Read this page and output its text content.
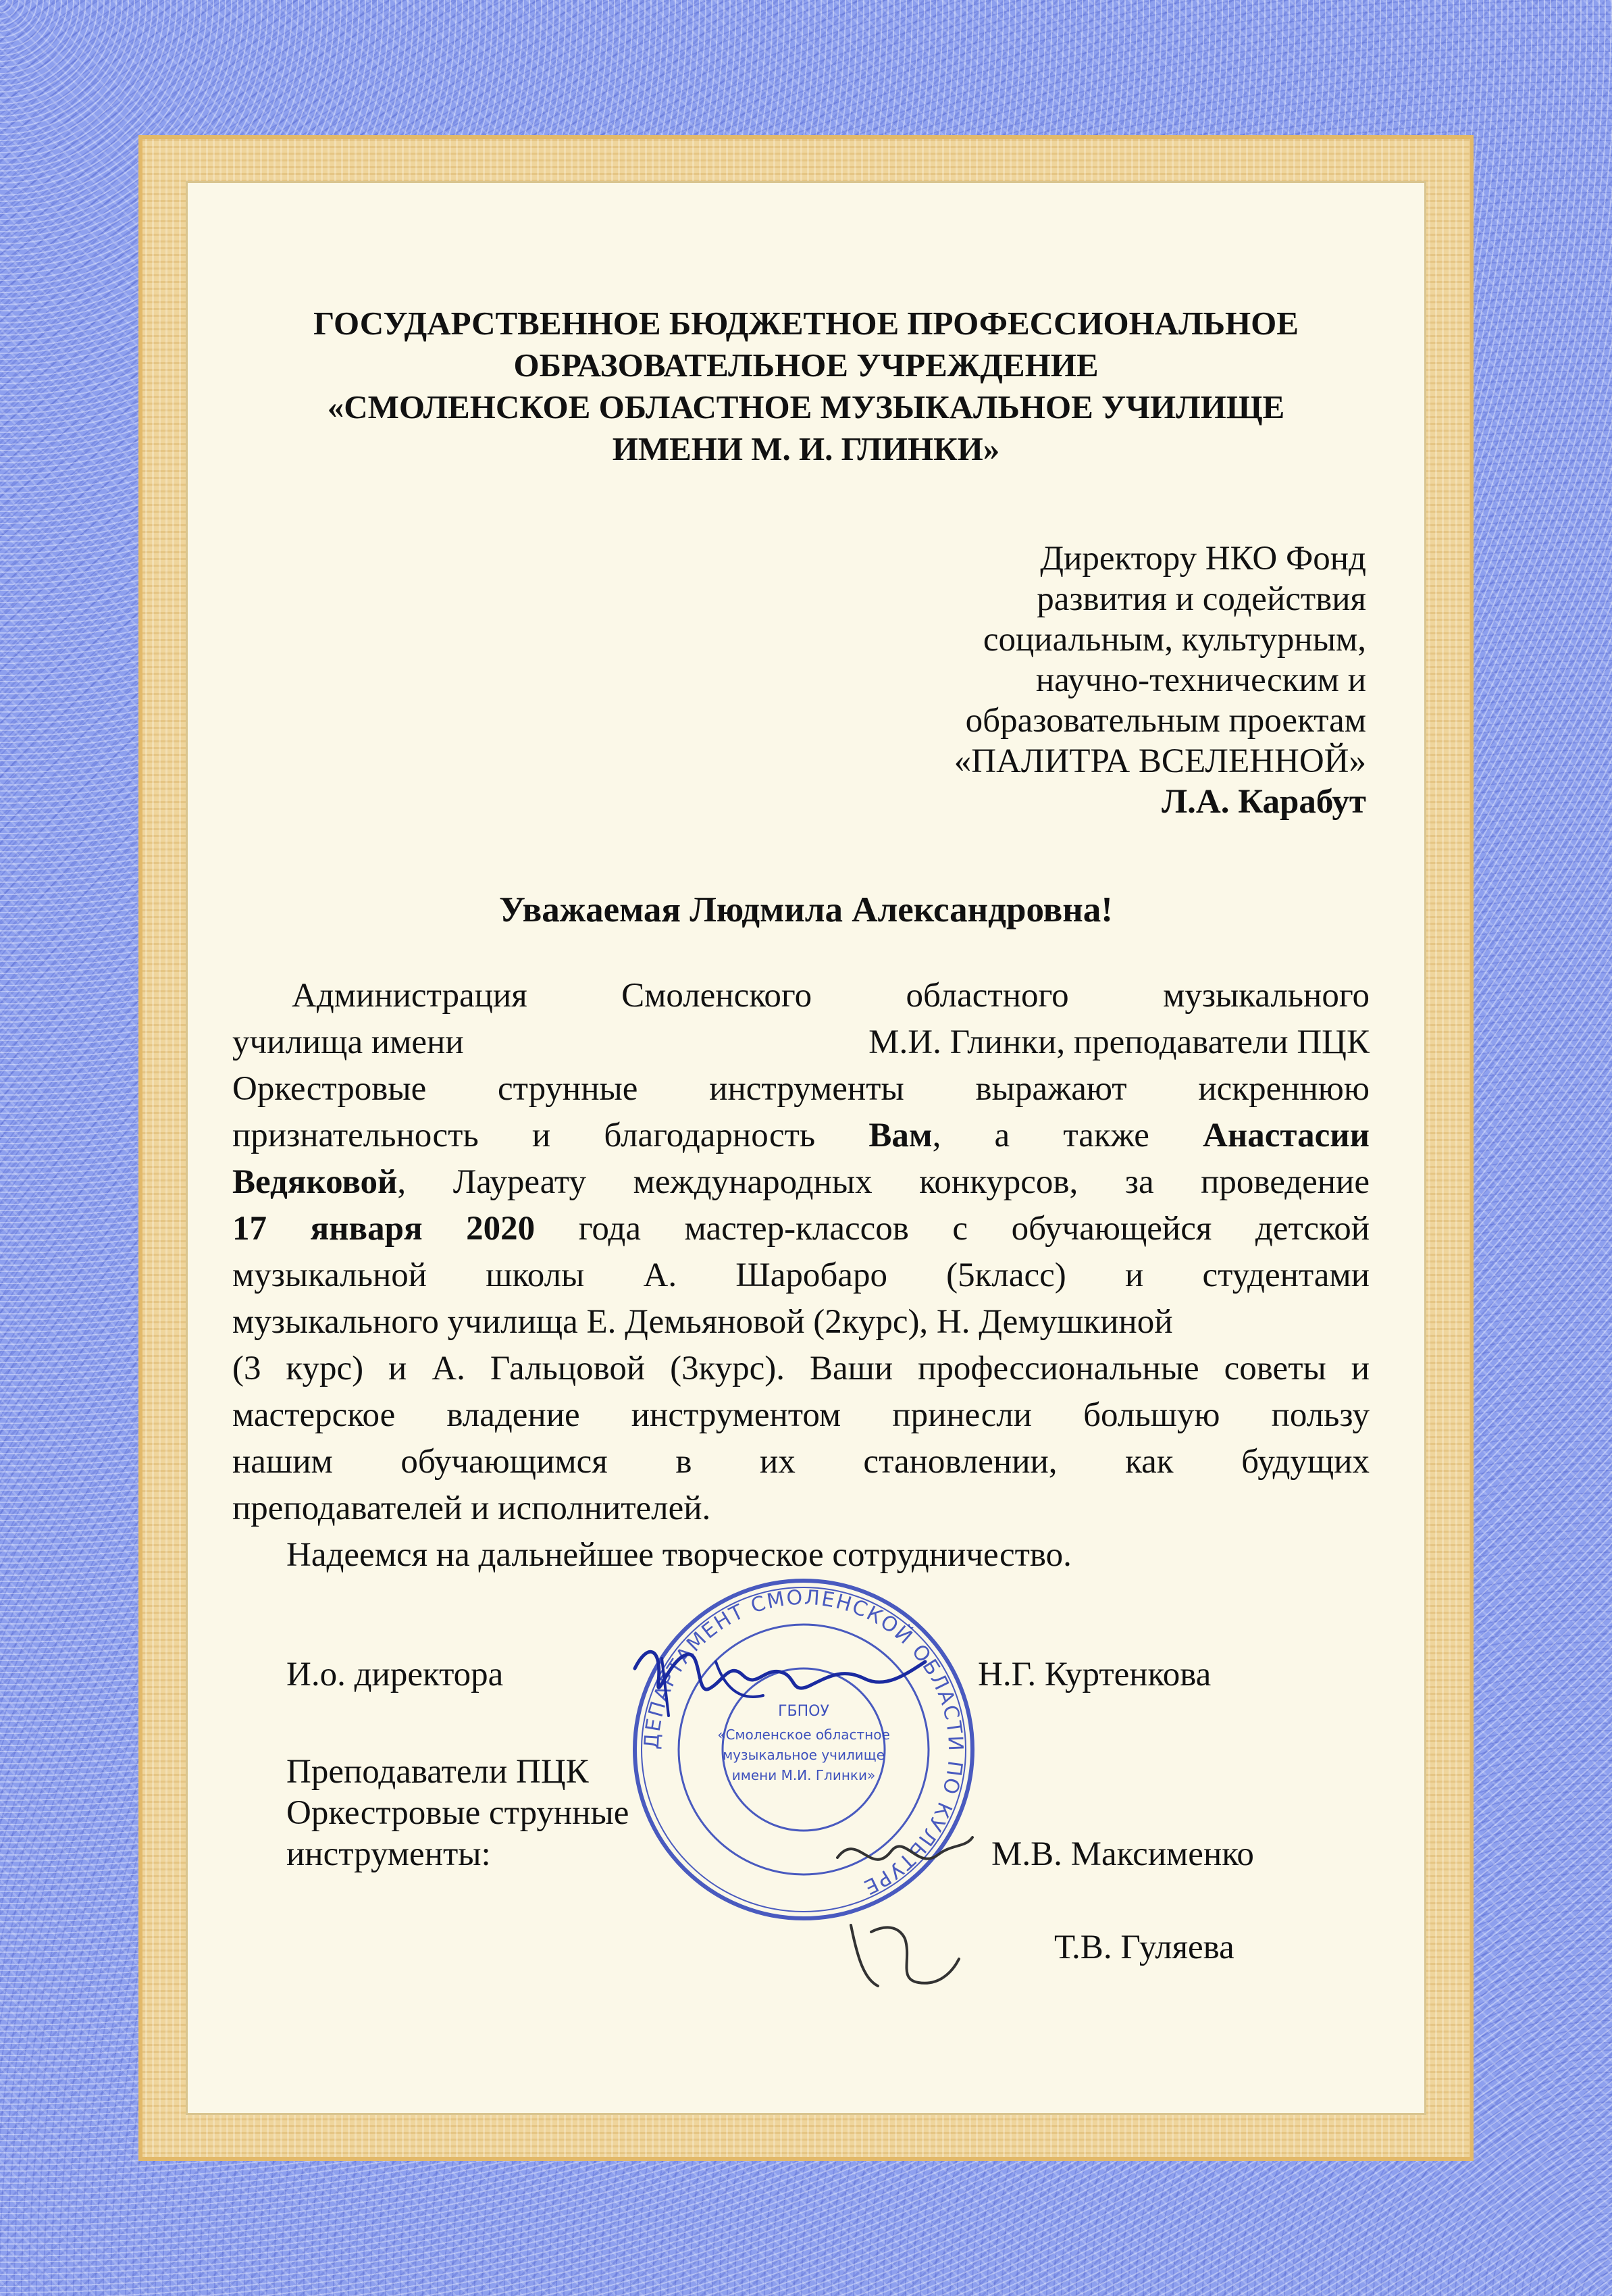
ГОСУДАРСТВЕННОЕ БЮДЖЕТНОЕ ПРОФЕССИОНАЛЬНОЕ
ОБРАЗОВАТЕЛЬНОЕ УЧРЕЖДЕНИЕ
«СМОЛЕНСКОЕ ОБЛАСТНОЕ МУЗЫКАЛЬНОЕ УЧИЛИЩЕ
ИМЕНИ М. И. ГЛИНКИ»
Директору НКО Фонд
развития и содействия
социальным, культурным,
научно-техническим и
образовательным проектам
«ПАЛИТРА ВСЕЛЕННОЙ»
Л.А. Карабут
Уважаемая Людмила Александровна!
Администрация Смоленского областного музыкального
училища имени	М.И. Глинки, преподаватели ПЦК
Оркестровые струнные инструменты выражают искреннюю
признательность и благодарность Вам, а также Анастасии
Ведяковой, Лауреату международных конкурсов, за проведение
17 января 2020 года мастер-классов с обучающейся детской
музыкальной школы А. Шаробаро (5класс) и студентами
музыкального училища Е. Демьяновой (2курс), Н. Демушкиной
(3 курс) и А. Гальцовой (3курс). Ваши профессиональные советы и
мастерское владение инструментом принесли большую пользу
нашим обучающимся в их становлении, как будущих
преподавателей и исполнителей.
Надеемся на дальнейшее творческое сотрудничество.
И.о. директора	Н.Г. Куртенкова
Преподаватели ПЦК
Оркестровые струнные
инструменты:	М.В. Максименко
Т.В. Гуляева
ДЕПАРТАМЕНТ СМОЛЕНСКОЙ ОБЛАСТИ ПО КУЛЬТУРЕ
ГБПОУ
«Смоленское областное
музыкальное училище
имени М.И. Глинки»
